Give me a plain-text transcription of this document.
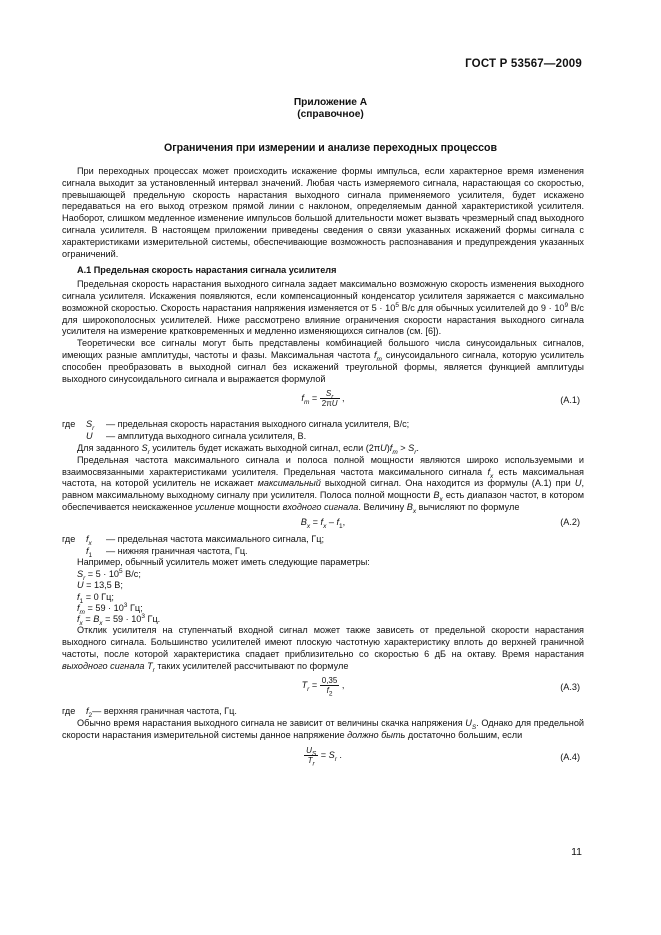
ГОСТ Р 53567—2009
Приложение А
(справочное)
Ограничения при измерении и анализе переходных процессов

При переходных процессах может происходить искажение формы импульса, если характерное время изменения сигнала выходит за установленный интервал значений. Любая часть измеряемого сигнала, нарастающая со скоростью, превышающей предельную скорость нарастания выходного сигнала применяемого усилителя, будет искажено передаваться на его выход отрезком прямой линии с наклоном, определяемым данной характеристикой усилителя. Наоборот, слишком медленное изменение импульсов большой длительности может вызвать чрезмерный спад выходного сигнала усилителя. В настоящем приложении приведены сведения о связи указанных искажений формы сигнала с характеристиками измерительной системы, обеспечивающие возможность распознавания и предупреждения указанных ограничений.

А.1 Предельная скорость нарастания сигнала усилителя

Предельная скорость нарастания выходного сигнала задает максимально возможную скорость изменения выходного сигнала усилителя. Искажения появляются, если компенсационный конденсатор усилителя заряжается с максимально возможной скоростью. Скорость нарастания напряжения изменяется от $5 \cdot 10^5$ В/с для обычных усилителей до $9 \cdot 10^9$ В/с для широкополосных усилителей. Ниже рассмотрено влияние ограничения скорости нарастания выходного сигнала усилителя на измерение кратковременных и медленно изменяющихся сигналов (см. [6]).

Теоретически все сигналы могут быть представлены комбинацией большого числа синусоидальных сигналов, имеющих разные амплитуды, частоты и фазы. Максимальная частота $f_m$ синусоидального сигнала, которую усилитель способен преобразовать в выходной сигнал без искажений треугольной формы, является функцией амплитуды выходного синусоидального сигнала и выражается формулой

$f_m = \frac{S_r}{2\pi U}$ ,	(А.1)
где	$S_r$	— предельная скорость нарастания выходного сигнала усилителя, В/с;
U	— амплитуда выходного сигнала усилителя, В.

Для заданного $S_r$ усилитель будет искажать выходной сигнал, если $(2\pi U)f_m > S_r$.

Предельная частота максимального сигнала и полоса полной мощности являются широко используемыми и взаимосвязанными характеристиками усилителя. Предельная частота максимального сигнала $f_x$ есть максимальная частота, на которой усилитель не искажает максимальный выходной сигнал. Она находится из формулы (А.1) при U, равном максимальному выходному сигналу при усилителя. Полоса полной мощности $B_x$ есть диапазон частот, в котором обеспечивается неискаженное усиление мощности входного сигнала. Величину $B_x$ вычисляют по формуле

$B_x = f_x - f_1$,	(А.2)
где	$f_x$	— предельная частота максимального сигнала, Гц;
$f_1$	— нижняя граничная частота, Гц.

Например, обычный усилитель может иметь следующие параметры:

$S_r = 5 \cdot 10^5$ В/с;
U = 13,5 В;
$f_1 = 0$ Гц;
$f_m = 59 \cdot 10^3$ Гц;
$f_x = B_x = 59 \cdot 10^3$ Гц.

Отклик усилителя на ступенчатый входной сигнал может также зависеть от предельной скорости нарастания выходного сигнала. Большинство усилителей имеют плоскую частотную характеристику вплоть до верхней граничной частоты, после которой характеристика спадает приблизительно со скоростью 6 дБ на октаву. Время нарастания выходного сигнала $T_r$ таких усилителей рассчитывают по формуле

$T_r = \frac{0,35}{f_2}$ ,	(А.3)
где	$f_2$ — верхняя граничная частота, Гц.

Обычно время нарастания выходного сигнала не зависит от величины скачка напряжения $U_S$. Однако для предельной скорости нарастания измерительной системы данное напряжение должно быть достаточно большим, если

$\frac{U_S}{T_r} = S_r$ .	(А.4)
11
